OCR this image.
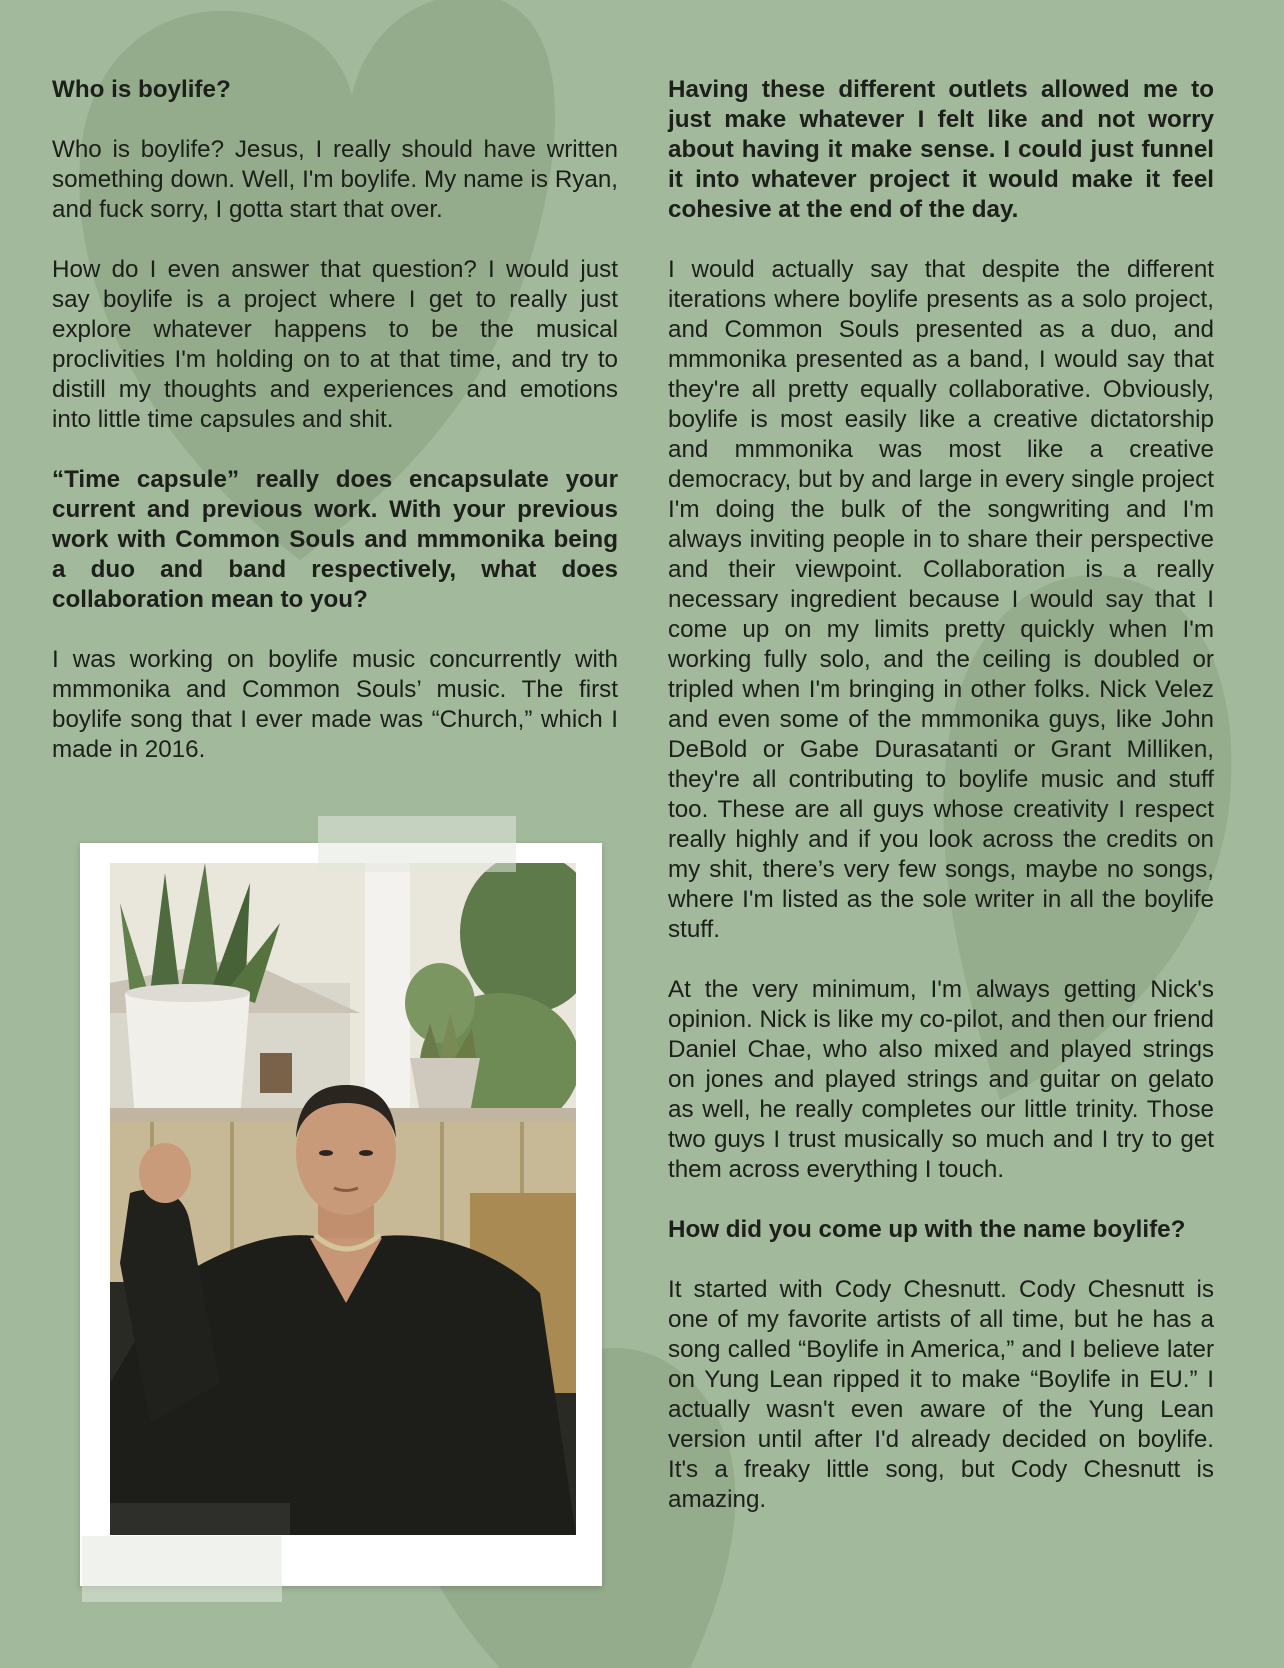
Who is boylife?

Who is boylife? Jesus, I really should have written something down. Well, I'm boylife. My name is Ryan, and fuck sorry, I gotta start that over.

How do I even answer that question? I would just say boylife is a project where I get to really just explore whatever happens to be the musical proclivities I'm holding on to at that time, and try to distill my thoughts and experiences and emotions into little time capsules and shit.

“Time capsule” really does encapsulate your current and previous work. With your previous work with Common Souls and mmmonika being a duo and band respectively, what does collaboration mean to you?

I was working on boylife music concurrently with mmmonika and Common Souls’ music. The first boylife song that I ever made was “Church,” which I made in 2016.

Having these different outlets allowed me to just make whatever I felt like and not worry about having it make sense. I could just funnel it into whatever project it would make it feel cohesive at the end of the day.

I would actually say that despite the different iterations where boylife presents as a solo project, and Common Souls presented as a duo, and mmmonika presented as a band, I would say that they're all pretty equally collaborative. Obviously, boylife is most easily like a creative dictatorship and mmmonika was most like a creative democracy, but by and large in every single project I'm doing the bulk of the songwriting and I'm always inviting people in to share their perspective and their viewpoint. Collaboration is a really necessary ingredient because I would say that I come up on my limits pretty quickly when I'm working fully solo, and the ceiling is doubled or tripled when I'm bringing in other folks. Nick Velez and even some of the mmmonika guys, like John DeBold or Gabe Durasatanti or Grant Milliken, they're all contributing to boylife music and stuff too. These are all guys whose creativity I respect really highly and if you look across the credits on my shit, there’s very few songs, maybe no songs, where I'm listed as the sole writer in all the boylife stuff.

At the very minimum, I'm always getting Nick's opinion. Nick is like my co-pilot, and then our friend Daniel Chae, who also mixed and played strings on jones and played strings and guitar on gelato as well, he really completes our little trinity. Those two guys I trust musically so much and I try to get them across everything I touch.

How did you come up with the name boylife?

It started with Cody Chesnutt. Cody Chesnutt is one of my favorite artists of all time, but he has a song called “Boylife in America,” and I believe later on Yung Lean ripped it to make “Boylife in EU.” I actually wasn't even aware of the Yung Lean version until after I'd already decided on boylife. It's a freaky little song, but Cody Chesnutt is amazing.
